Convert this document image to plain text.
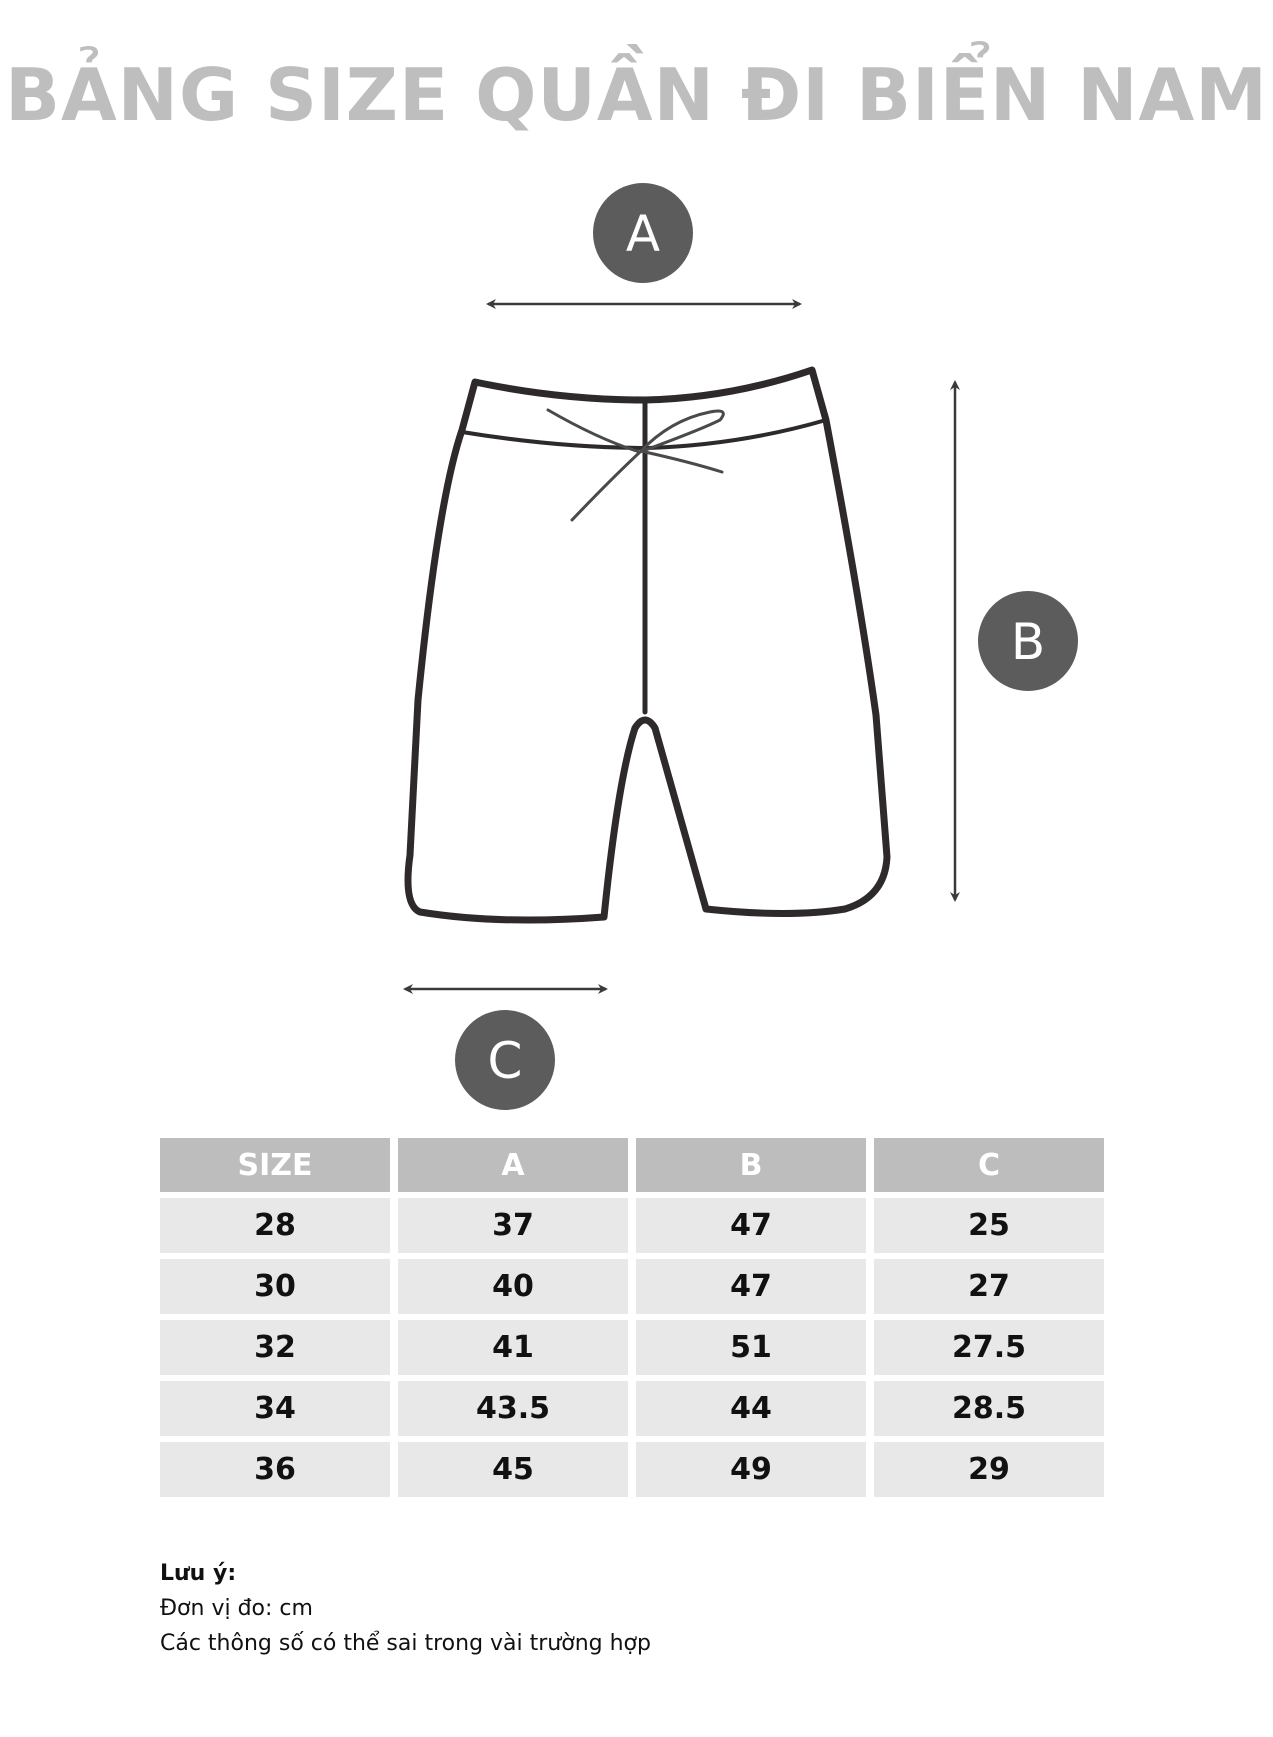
BẢNG SIZE QUẦN ĐI BIỂN NAM
A
B
C
SIZE	A	B	C
28	37	47	25
30	40	47	27
32	41	51	27.5
34	43.5	44	28.5
36	45	49	29
Lưu ý:
Đơn vị đo: cm
Các thông số có thể sai trong vài trường hợp
